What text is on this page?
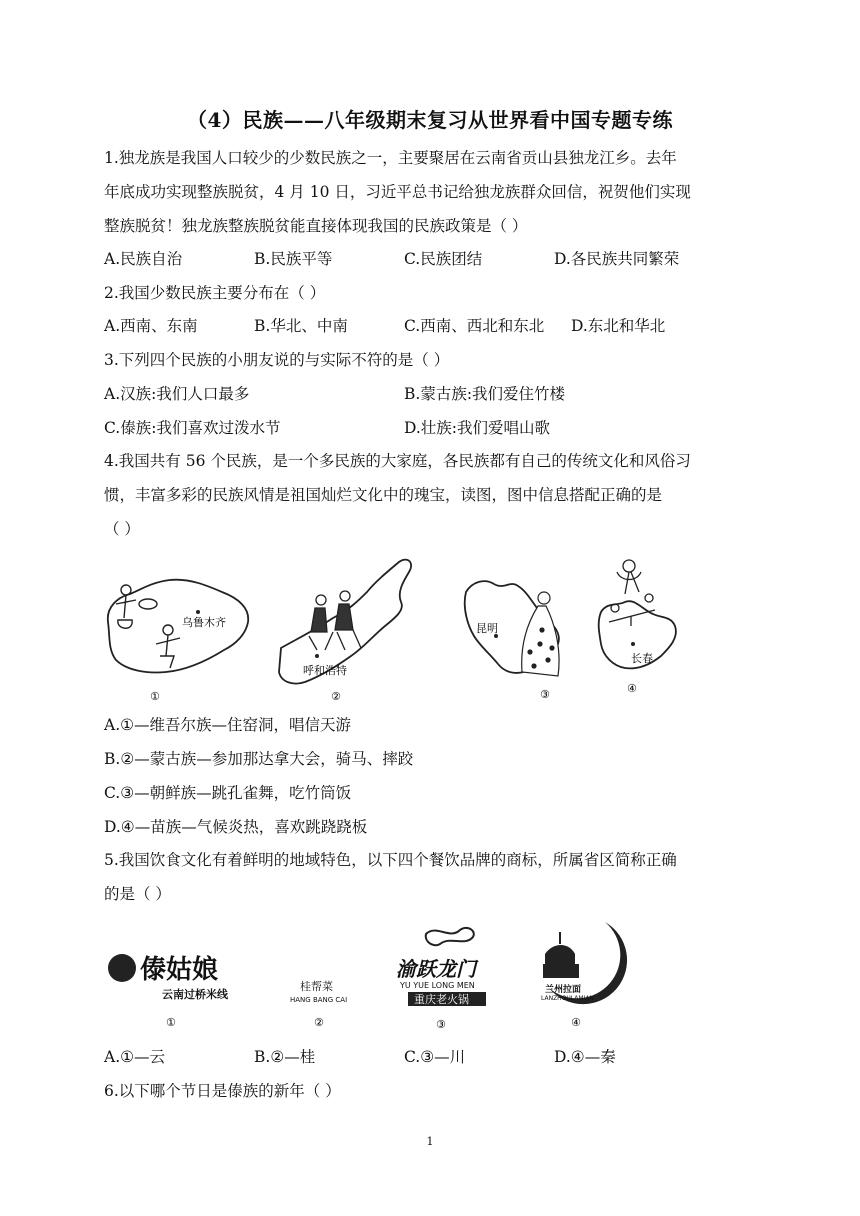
（4）民族——八年级期末复习从世界看中国专题专练
1.独龙族是我国人口较少的少数民族之一，主要聚居在云南省贡山县独龙江乡。去年
年底成功实现整族脱贫，4 月 10 日，习近平总书记给独龙族群众回信，祝贺他们实现
整族脱贫！独龙族整族脱贫能直接体现我国的民族政策是（ ）
A.民族自治	B.民族平等	C.民族团结	D.各民族共同繁荣
2.我国少数民族主要分布在（ ）
A.西南、东南	B.华北、中南	C.西南、西北和东北 D.东北和华北
3.下列四个民族的小朋友说的与实际不符的是（ ）
A.汉族:我们人口最多	B.蒙古族:我们爱住竹楼
C.傣族:我们喜欢过泼水节	D.壮族:我们爱唱山歌
4.我国共有 56 个民族，是一个多民族的大家庭，各民族都有自己的传统文化和风俗习
惯，丰富多彩的民族风情是祖国灿烂文化中的瑰宝，读图，图中信息搭配正确的是
（ ）
乌鲁木齐
①
呼和浩特
②
昆明
③
长春
④
A.①—维吾尔族—住窑洞，唱信天游
B.②—蒙古族—参加那达拿大会，骑马、摔跤
C.③—朝鲜族—跳孔雀舞，吃竹筒饭
D.④—苗族—气候炎热，喜欢跳跷跷板
5.我国饮食文化有着鲜明的地域特色，以下四个餐饮品牌的商标，所属省区简称正确
的是（ ）
傣姑娘
云南过桥米线
①
桂帮菜
HANG BANG CAI
②
渝跃龙门
YU YUE LONG MEN
重庆老火锅
③
兰州拉面
LANZHOULAMIAN
④
A.①—云	B.②—桂	C.③—川	D.④—秦
6.以下哪个节日是傣族的新年（ ）
1
